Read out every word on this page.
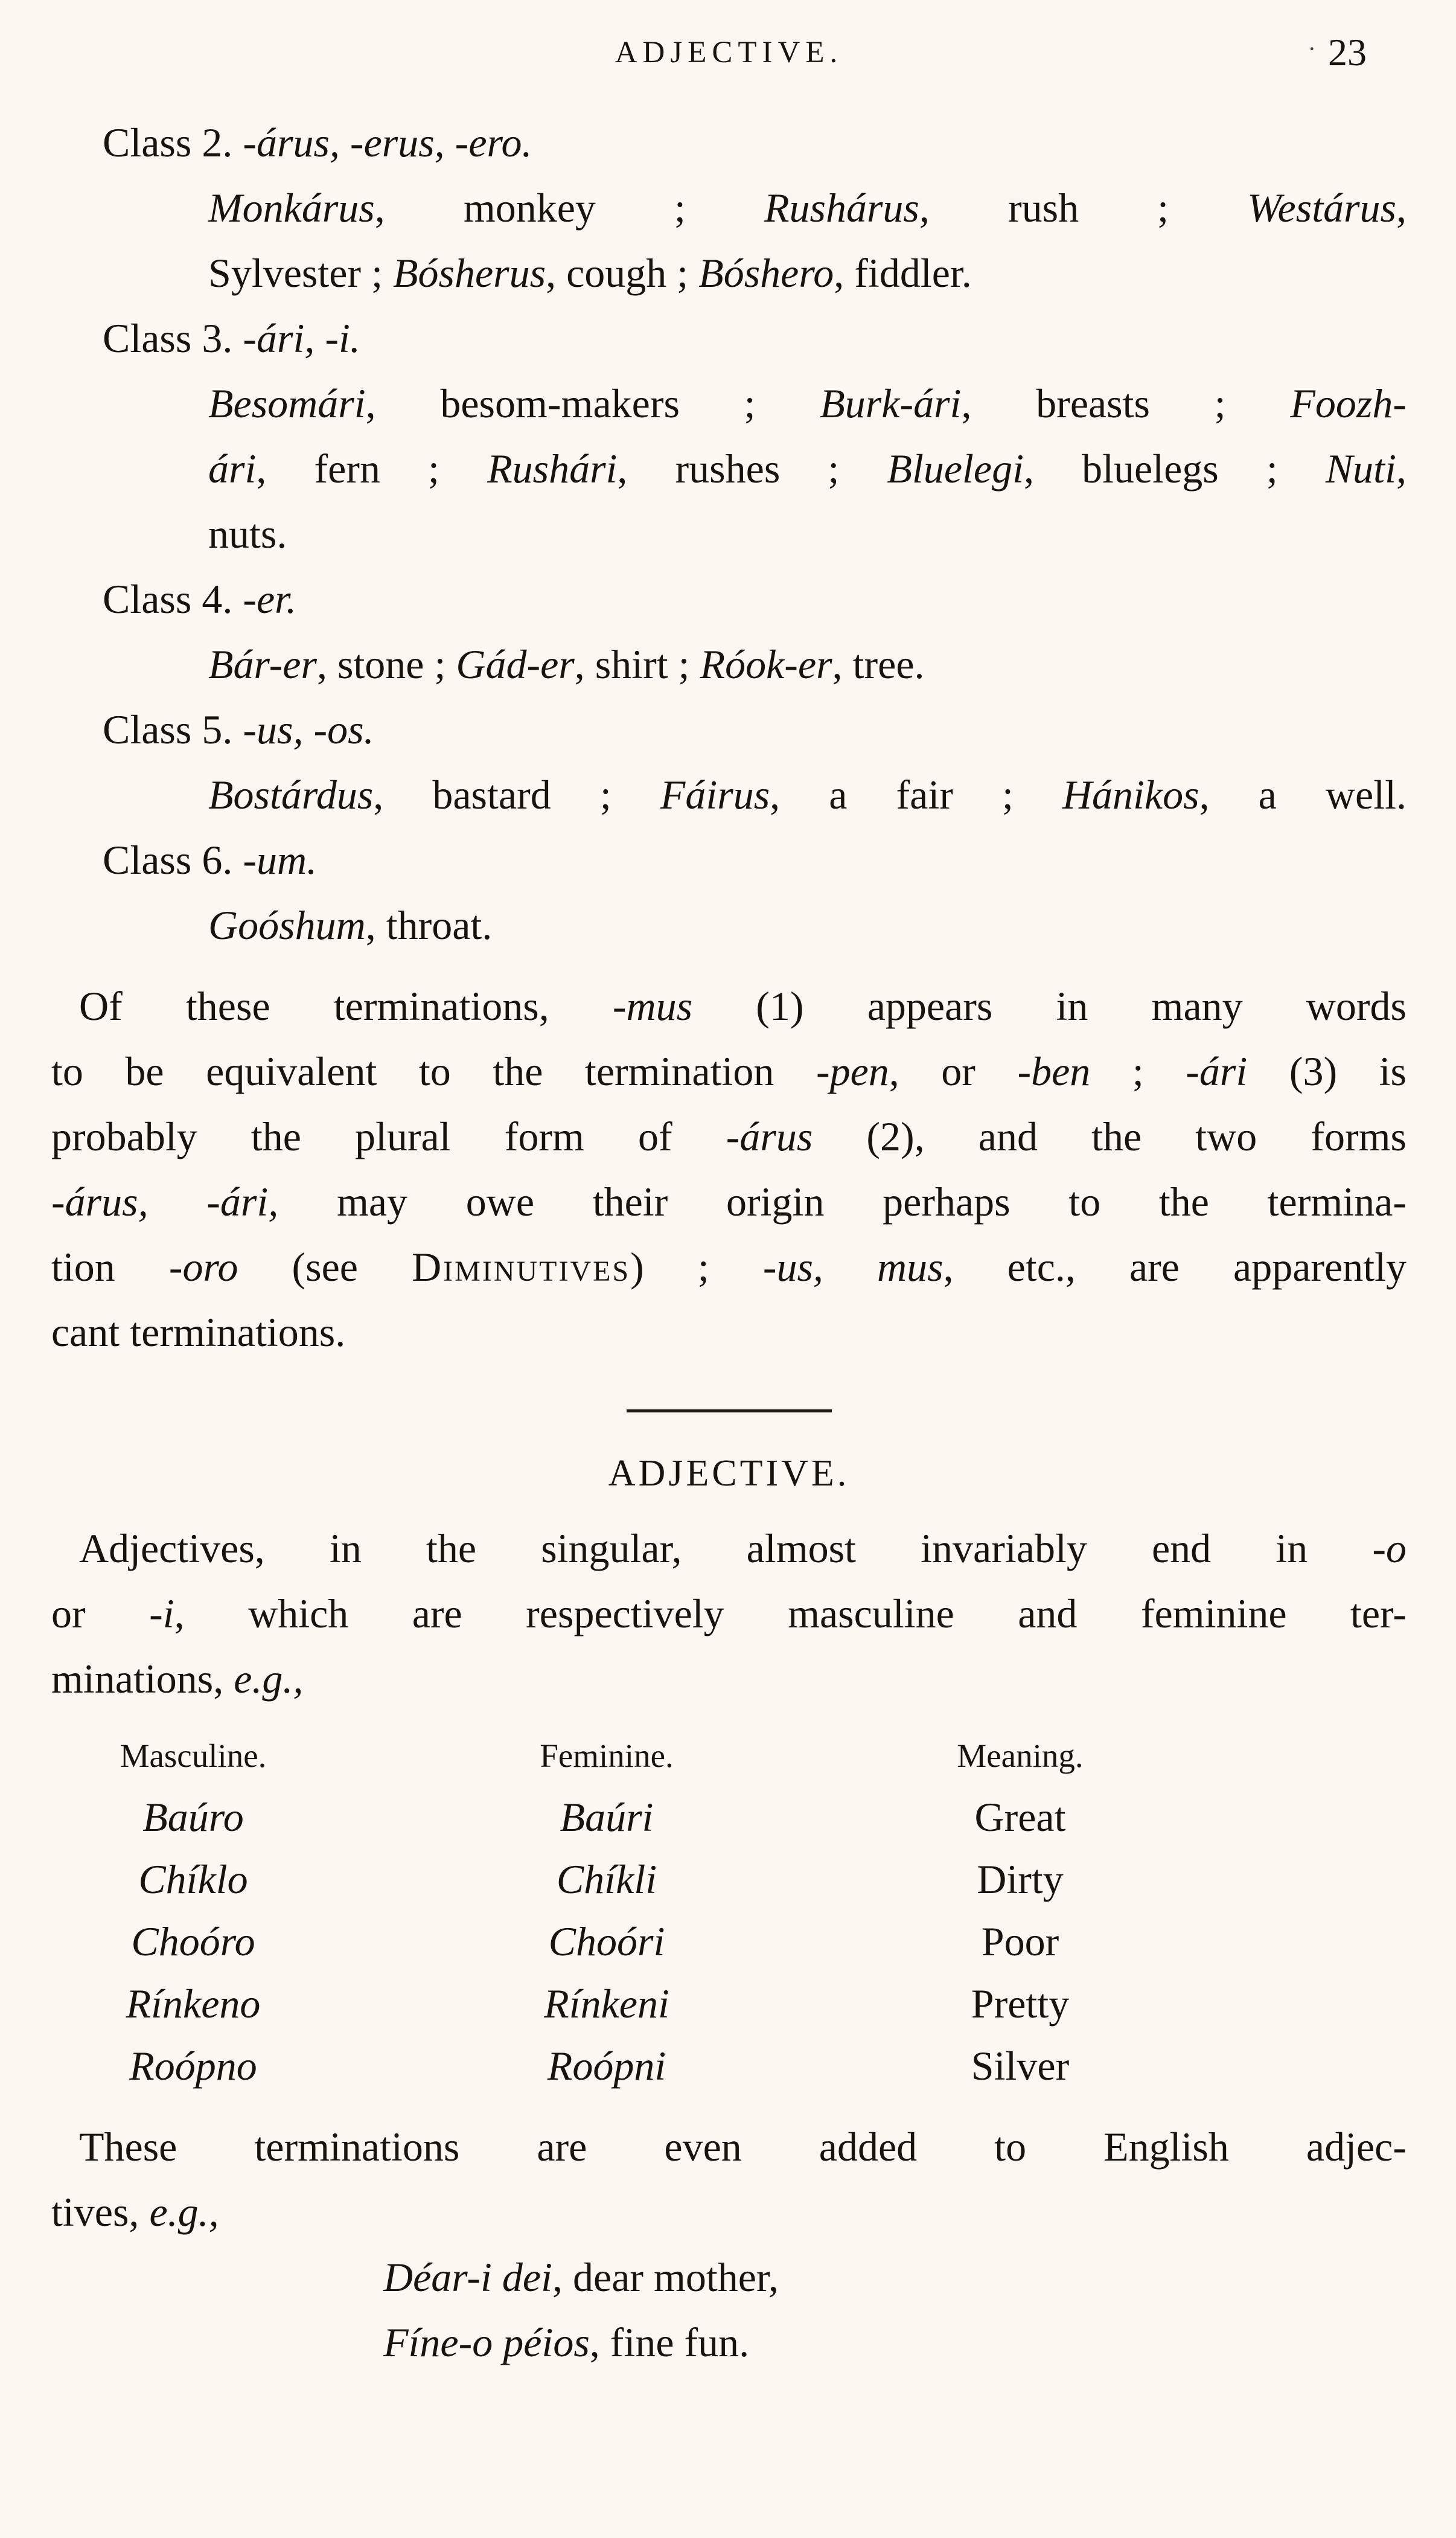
ADJECTIVE.	· 23
Class 2. -árus, -erus, -ero.
Monkárus, monkey ; Rushárus, rush ; Westárus,
Sylvester ; Bósherus, cough ; Bóshero, fiddler.
Class 3. -ári, -i.
Besomári, besom-makers ; Burk-ári, breasts ; Foozh-
ári, fern ; Rushári, rushes ; Bluelegi, bluelegs ; Nuti,
nuts.
Class 4. -er.
Bár-er, stone ; Gád-er, shirt ; Róok-er, tree.
Class 5. -us, -os.
Bostárdus, bastard ; Fáirus, a fair ; Hánikos, a well.
Class 6. -um.
Goóshum, throat.
Of these terminations, -mus (1) appears in many words
to be equivalent to the termination -pen, or -ben ; -ári (3) is
probably the plural form of -árus (2), and the two forms
-árus, -ári, may owe their origin perhaps to the termina-
tion -oro (see Diminutives) ; -us, mus, etc., are apparently
cant terminations.
ADJECTIVE.
Adjectives, in the singular, almost invariably end in -o
or -i, which are respectively masculine and feminine ter-
minations, e.g.,
Masculine.	Feminine.	Meaning.
Baúro	Baúri	Great
Chíklo	Chíkli	Dirty
Choóro	Choóri	Poor
Rínkeno	Rínkeni	Pretty
Roópno	Roópni	Silver
These terminations are even added to English adjec-
tives, e.g.,
Déar-i dei, dear mother,
Fíne-o péios, fine fun.
